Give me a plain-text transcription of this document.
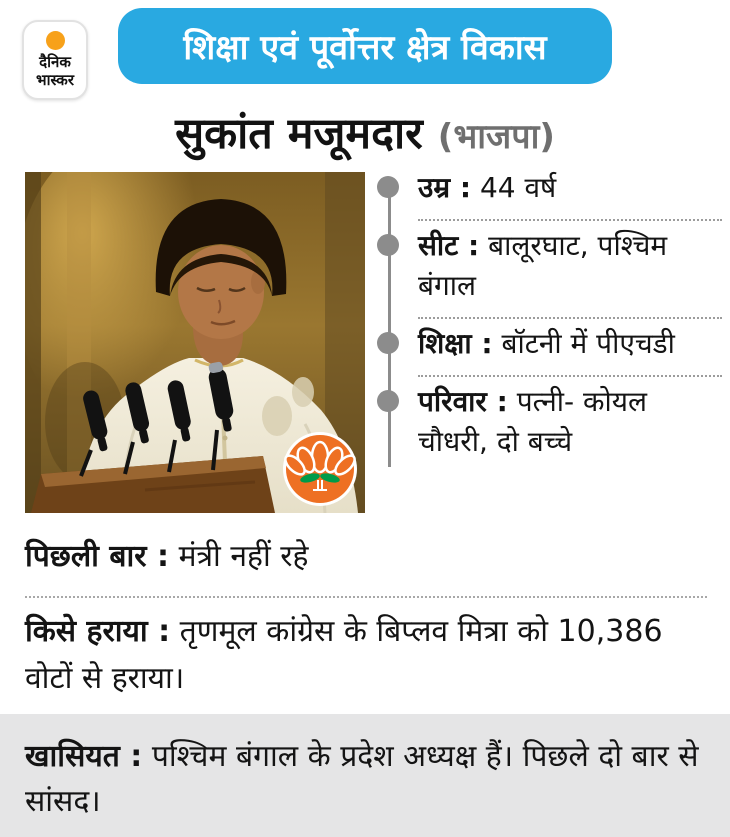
दैनिक
भास्कर
शिक्षा एवं पूर्वोत्तर क्षेत्र विकास
सुकांत मजूमदार (भाजपा)
उम्र : 44 वर्ष
सीट : बालूरघाट, पश्चिम बंगाल
शिक्षा : बॉटनी में पीएचडी
परिवार : पत्नी- कोयल चौधरी, दो बच्चे
पिछली बार : मंत्री नहीं रहे
किसे हराया : तृणमूल कांग्रेस के बिप्लव मित्रा को 10,386 वोटों से हराया।
खासियत : पश्चिम बंगाल के प्रदेश अध्यक्ष हैं। पिछले दो बार से सांसद।
